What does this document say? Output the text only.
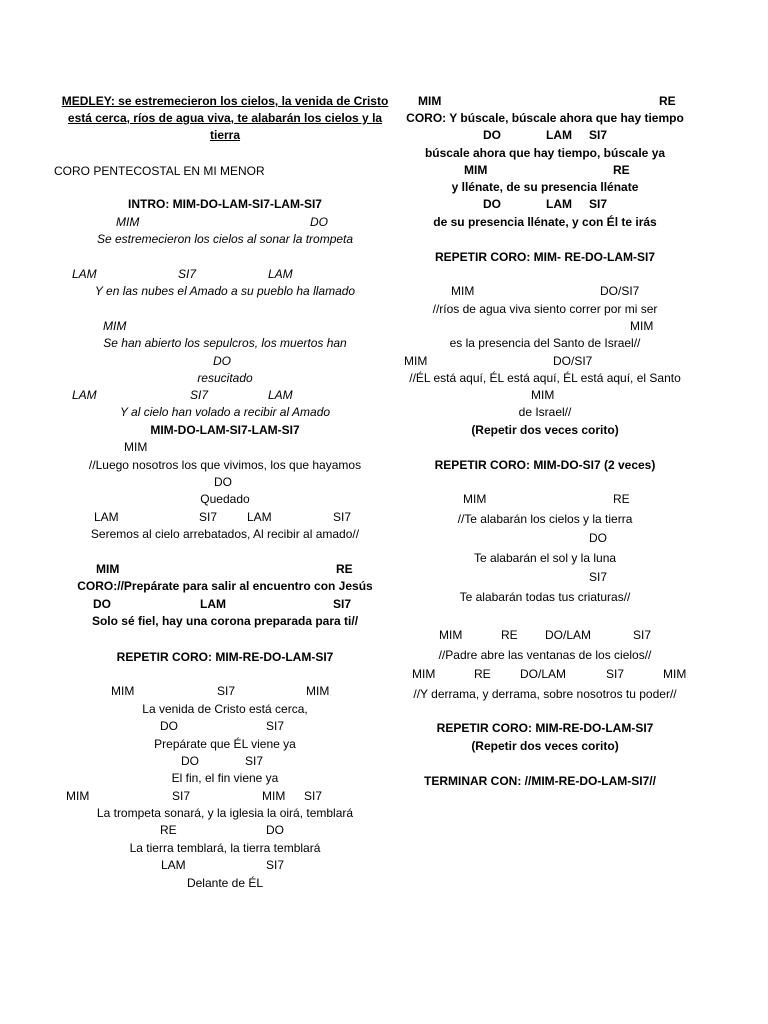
MEDLEY: se estremecieron los cielos, la venida de Cristo
está cerca, ríos de agua viva, te alabarán los cielos y la
tierra
CORO PENTECOSTAL EN MI MENOR
INTRO: MIM-DO-LAM-SI7-LAM-SI7
MIM	DO
Se estremecieron los cielos al sonar la trompeta
LAM	SI7	LAM
Y en las nubes el Amado a su pueblo ha llamado
MIM
Se han abierto los sepulcros, los muertos han
DO
resucitado
LAM	SI7	LAM
Y al cielo han volado a recibir al Amado
MIM-DO-LAM-SI7-LAM-SI7
MIM
//Luego nosotros los que vivimos, los que hayamos
DO
Quedado
LAM	SI7 LAM	SI7
Seremos al cielo arrebatados, Al recibir al amado//
MIM	RE
CORO://Prepárate para salir al encuentro con Jesús
DO	LAM	SI7
Solo sé fiel, hay una corona preparada para ti//
REPETIR CORO: MIM-RE-DO-LAM-SI7
MIM	SI7	MIM
La venida de Cristo está cerca,
DO	SI7
Prepárate que ÉL viene ya
DO	SI7
El fin, el fin viene ya
MIM	SI7	MIM SI7
La trompeta sonará, y la iglesia la oirá, temblará
RE	DO
La tierra temblará, la tierra temblará
LAM	SI7
Delante de ÉL
MIM	RE
CORO: Y búscale, búscale ahora que hay tiempo
DO	LAM SI7
búscale ahora que hay tiempo, búscale ya
MIM	RE
y llénate, de su presencia llénate
DO	LAM SI7
de su presencia llénate, y con Él te irás
REPETIR CORO: MIM- RE-DO-LAM-SI7
MIM	DO/SI7
//ríos de agua viva siento correr por mi ser
MIM
es la presencia del Santo de Israel//
MIM	DO/SI7
//ÉL está aquí, ÉL está aquí, ÉL está aquí, el Santo
MIM
de Israel//
(Repetir dos veces corito)
REPETIR CORO: MIM-DO-SI7 (2 veces)
MIM	RE
//Te alabarán los cielos y la tierra
DO
Te alabarán el sol y la luna
SI7
Te alabarán todas tus criaturas//
MIM	RE DO/LAM	SI7
//Padre abre las ventanas de los cielos//
MIM	RE DO/LAM	SI7	MIM
//Y derrama, y derrama, sobre nosotros tu poder//
REPETIR CORO: MIM-RE-DO-LAM-SI7
(Repetir dos veces corito)
TERMINAR CON: //MIM-RE-DO-LAM-SI7//
